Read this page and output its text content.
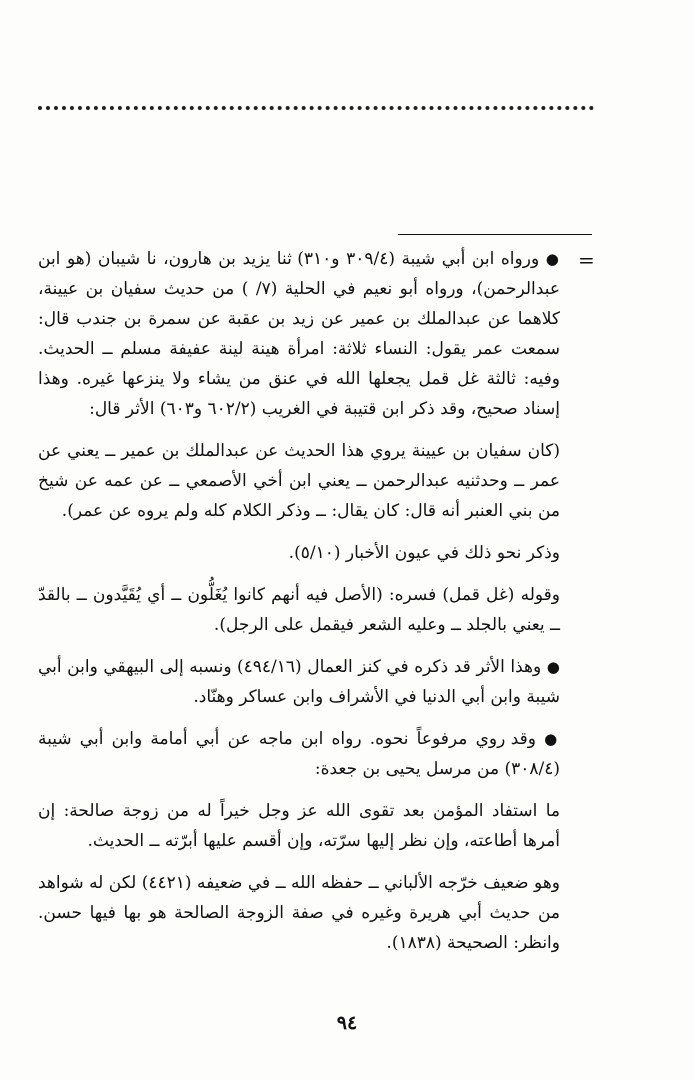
=

● ورواه ابن أبي شيبة (٣٠٩/٤ و٣١٠) ثنا يزيد بن هارون، نا شيبان (هو ابن عبدالرحمن)، ورواه أبو نعيم في الحلية (٧/ ) من حديث سفيان بن عيينة، كلاهما عن عبدالملك بن عمير عن زيد بن عقبة عن سمرة بن جندب قال: سمعت عمر يقول: النساء ثلاثة: امرأة هينة لينة عفيفة مسلم ــ الحديث. وفيه: ثالثة غل قمل يجعلها الله في عنق من يشاء ولا ينزعها غيره. وهذا إسناد صحيح، وقد ذكر ابن قتيبة في الغريب (٦٠٢/٢ و٦٠٣) الأثر قال:

(كان سفيان بن عيينة يروي هذا الحديث عن عبدالملك بن عمير ــ يعني عن عمر ــ وحدثنيه عبدالرحمن ــ يعني ابن أخي الأصمعي ــ عن عمه عن شيخ من بني العنبر أنه قال: كان يقال: ــ وذكر الكلام كله ولم يروه عن عمر).

وذكر نحو ذلك في عيون الأخبار (٥/١٠).

وقوله (غل قمل) فسره: (الأصل فيه أنهم كانوا يُغَلُّون ــ أي يُقَيَّدون ــ بالقدّ ــ يعني بالجلد ــ وعليه الشعر فيقمل على الرجل).

● وهذا الأثر قد ذكره في كنز العمال (٤٩٤/١٦) ونسبه إلى البيهقي وابن أبي شيبة وابن أبي الدنيا في الأشراف وابن عساكر وهنّاد.

● وقد روي مرفوعاً نحوه. رواه ابن ماجه عن أبي أمامة وابن أبي شيبة (٣٠٨/٤) من مرسل يحيى بن جعدة:

ما استفاد المؤمن بعد تقوى الله عز وجل خيراً له من زوجة صالحة: إن أمرها أطاعته، وإن نظر إليها سرّته، وإن أقسم عليها أبرّته ــ الحديث.

وهو ضعيف خرّجه الألباني ــ حفظه الله ــ في ضعيفه (٤٤٢١) لكن له شواهد من حديث أبي هريرة وغيره في صفة الزوجة الصالحة هو بها فيها حسن. وانظر: الصحيحة (١٨٣٨).

٩٤
